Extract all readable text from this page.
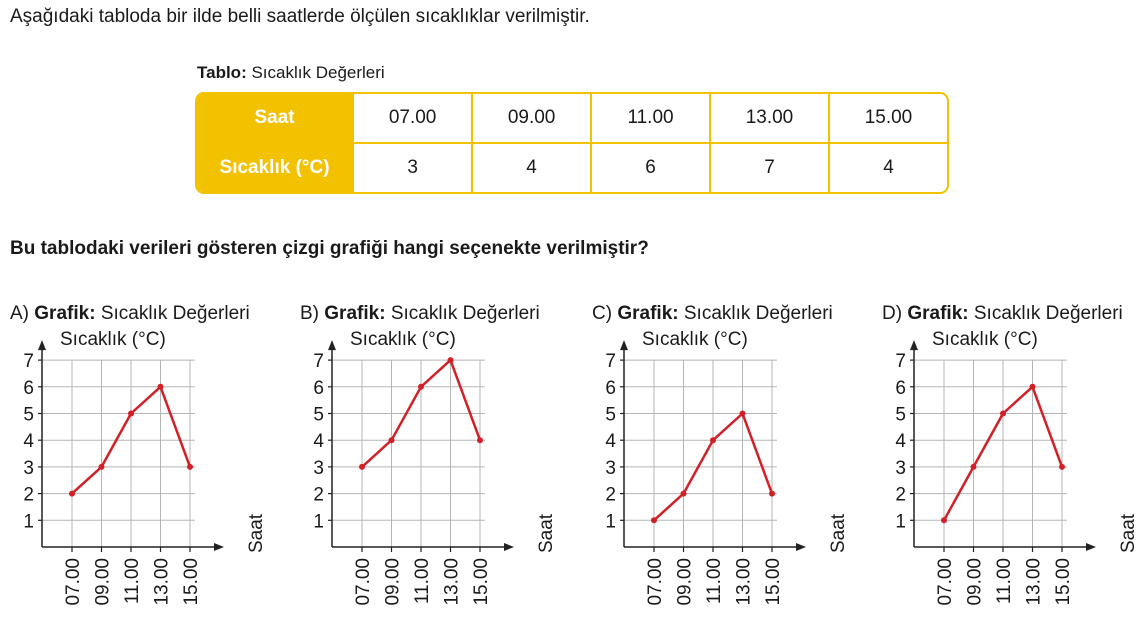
Aşağıdaki tabloda bir ilde belli saatlerde ölçülen sıcaklıklar verilmiştir.
Tablo: Sıcaklık Değerleri
Saat	07.00	09.00	11.00	13.00	15.00
Sıcaklık (°C)	3	4	6	7	4
Bu tablodaki verileri gösteren çizgi grafiği hangi seçenekte verilmiştir?
A) Grafik: Sıcaklık Değerleri
Sıcaklık (°C)
1
2
3
4
5
6
7
07.00 09.00 11.00 13.00 15.00
Saat
B) Grafik: Sıcaklık Değerleri
Sıcaklık (°C)
1
2
3
4
5
6
7
07.00 09.00 11.00 13.00 15.00
Saat
C) Grafik: Sıcaklık Değerleri
Sıcaklık (°C)
1
2
3
4
5
6
7
07.00 09.00 11.00 13.00 15.00
Saat
D) Grafik: Sıcaklık Değerleri
Sıcaklık (°C)
1
2
3
4
5
6
7
07.00 09.00 11.00 13.00 15.00
Saat
